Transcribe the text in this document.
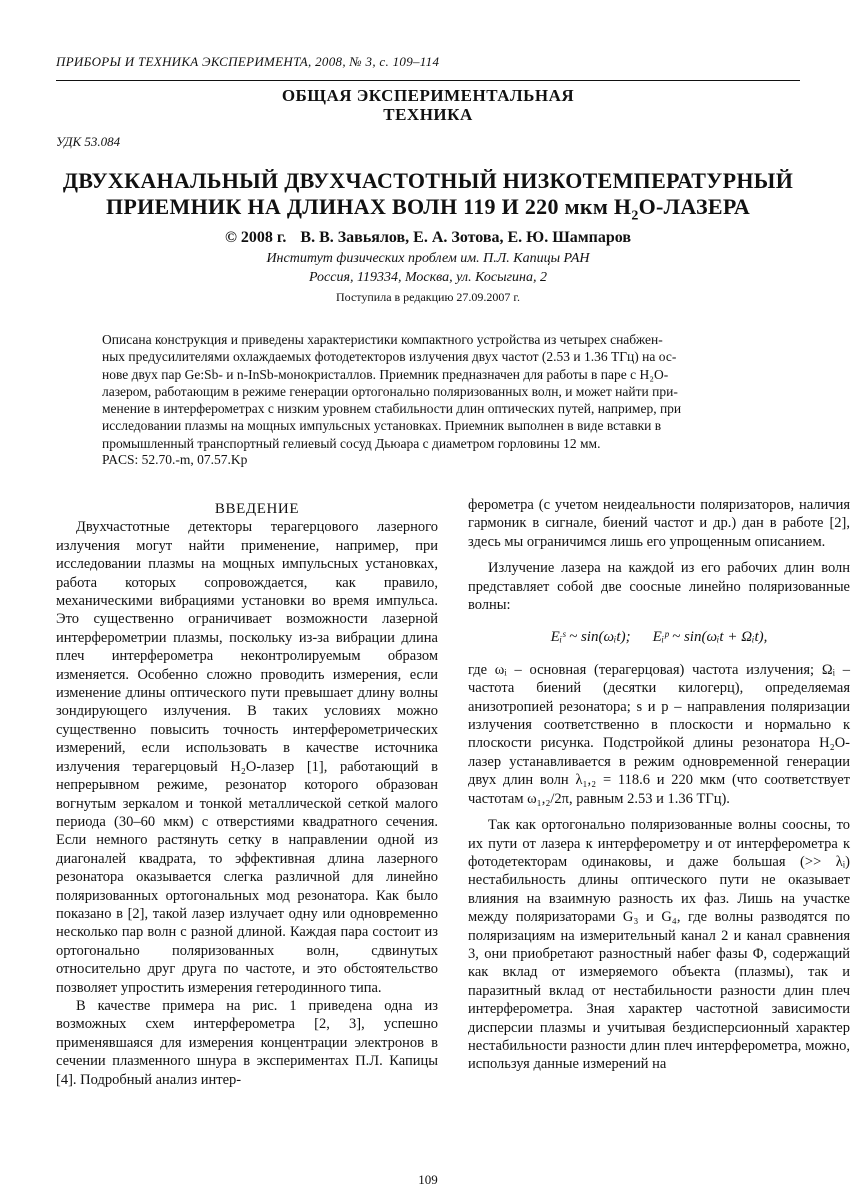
ПРИБОРЫ И ТЕХНИКА ЭКСПЕРИМЕНТА, 2008, № 3, с. 109–114
ОБЩАЯ ЭКСПЕРИМЕНТАЛЬНАЯ
ТЕХНИКА
УДК 53.084
ДВУХКАНАЛЬНЫЙ ДВУХЧАСТОТНЫЙ НИЗКОТЕМПЕРАТУРНЫЙ
ПРИЕМНИК НА ДЛИНАХ ВОЛН 119 И 220 мкм $H_2О$-ЛАЗЕРА
© 2008 г. В. В. Завьялов, Е. А. Зотова, Е. Ю. Шампаров
Институт физических проблем им. П.Л. Капицы РАН
Россия, 119334, Москва, ул. Косыгина, 2
Поступила в редакцию 27.09.2007 г.
Описана конструкция и приведены характеристики компактного устройства из четырех снабжен-
ных предусилителями охлаждаемых фотодетекторов излучения двух частот (2.53 и 1.36 ТГц) на ос-
нове двух пар Ge:Sb- и n-InSb-монокристаллов. Приемник предназначен для работы в паре с H₂O-
лазером, работающим в режиме генерации ортогонально поляризованных волн, и может найти при-
менение в интерферометрах с низким уровнем стабильности длин оптических путей, например, при
исследовании плазмы на мощных импульсных установках. Приемник выполнен в виде вставки в
промышленный транспортный гелиевый сосуд Дьюара с диаметром горловины 12 мм.
PACS: 52.70.-m, 07.57.Kp

ВВЕДЕНИЕ

Двухчастотные детекторы терагерцового лазерного излучения могут найти применение, например, при исследовании плазмы на мощных импульсных установках, работа которых сопровождается, как правило, механическими вибрациями установки во время импульса. Это существенно ограничивает возможности лазерной интерферометрии плазмы, поскольку из-за вибрации длина плеч интерферометра неконтролируемым образом изменяется. Особенно сложно проводить измерения, если изменение длины оптического пути превышает длину волны зондирующего излучения. В таких условиях можно существенно повысить точность интерферометрических измерений, если использовать в качестве источника излучения терагерцовый H₂O-лазер [1], работающий в непрерывном режиме, резонатор которого образован вогнутым зеркалом и тонкой металлической сеткой малого периода (30–60 мкм) с отверстиями квадратного сечения. Если немного растянуть сетку в направлении одной из диагоналей квадрата, то эффективная длина лазерного резонатора оказывается слегка различной для линейно поляризованных ортогональных мод резонатора. Как было показано в [2], такой лазер излучает одну или одновременно несколько пар волн с разной длиной. Каждая пара состоит из ортогонально поляризованных волн, сдвинутых относительно друг друга по частоте, и это обстоятельство позволяет упростить измерения гетеродинного типа.

В качестве примера на рис. 1 приведена одна из возможных схем интерферометра [2, 3], успешно применявшаяся для измерения концентрации электронов в сечении плазменного шнура в экспериментах П.Л. Капицы [4]. Подробный анализ интер-

ферометра (с учетом неидеальности поляризаторов, наличия гармоник в сигнале, биений частот и др.) дан в работе [2], здесь мы ограничимся лишь его упрощенным описанием.

Излучение лазера на каждой из его рабочих длин волн представляет собой две соосные линейно поляризованные волны:

Eᵢˢ ~ sin(ωᵢt); Eᵢᵖ ~ sin(ωᵢt + Ωᵢt),

где ωᵢ – основная (терагерцовая) частота излучения; Ωᵢ – частота биений (десятки килогерц), определяемая анизотропией резонатора; s и p – направления поляризации излучения соответственно в плоскости и нормально к плоскости рисунка. Подстройкой длины резонатора H₂O-лазер устанавливается в режим одновременной генерации двух длин волн λ₁,₂ = 118.6 и 220 мкм (что соответствует частотам ω₁,₂/2π, равным 2.53 и 1.36 ТГц).

Так как ортогонально поляризованные волны соосны, то их пути от лазера к интерферометру и от интерферометра к фотодетекторам одинаковы, и даже большая (>> λᵢ) нестабильность длины оптического пути не оказывает влияния на взаимную разность их фаз. Лишь на участке между поляризаторами G₃ и G₄, где волны разводятся по поляризациям на измерительный канал 2 и канал сравнения 3, они приобретают разностный набег фазы Φ, содержащий как вклад от измеряемого объекта (плазмы), так и паразитный вклад от нестабильности разности длин плеч интерферометра. Зная характер частотной зависимости дисперсии плазмы и учитывая бездисперсионный характер нестабильности разности длин плеч интерферометра, можно, используя данные измерений на

109
